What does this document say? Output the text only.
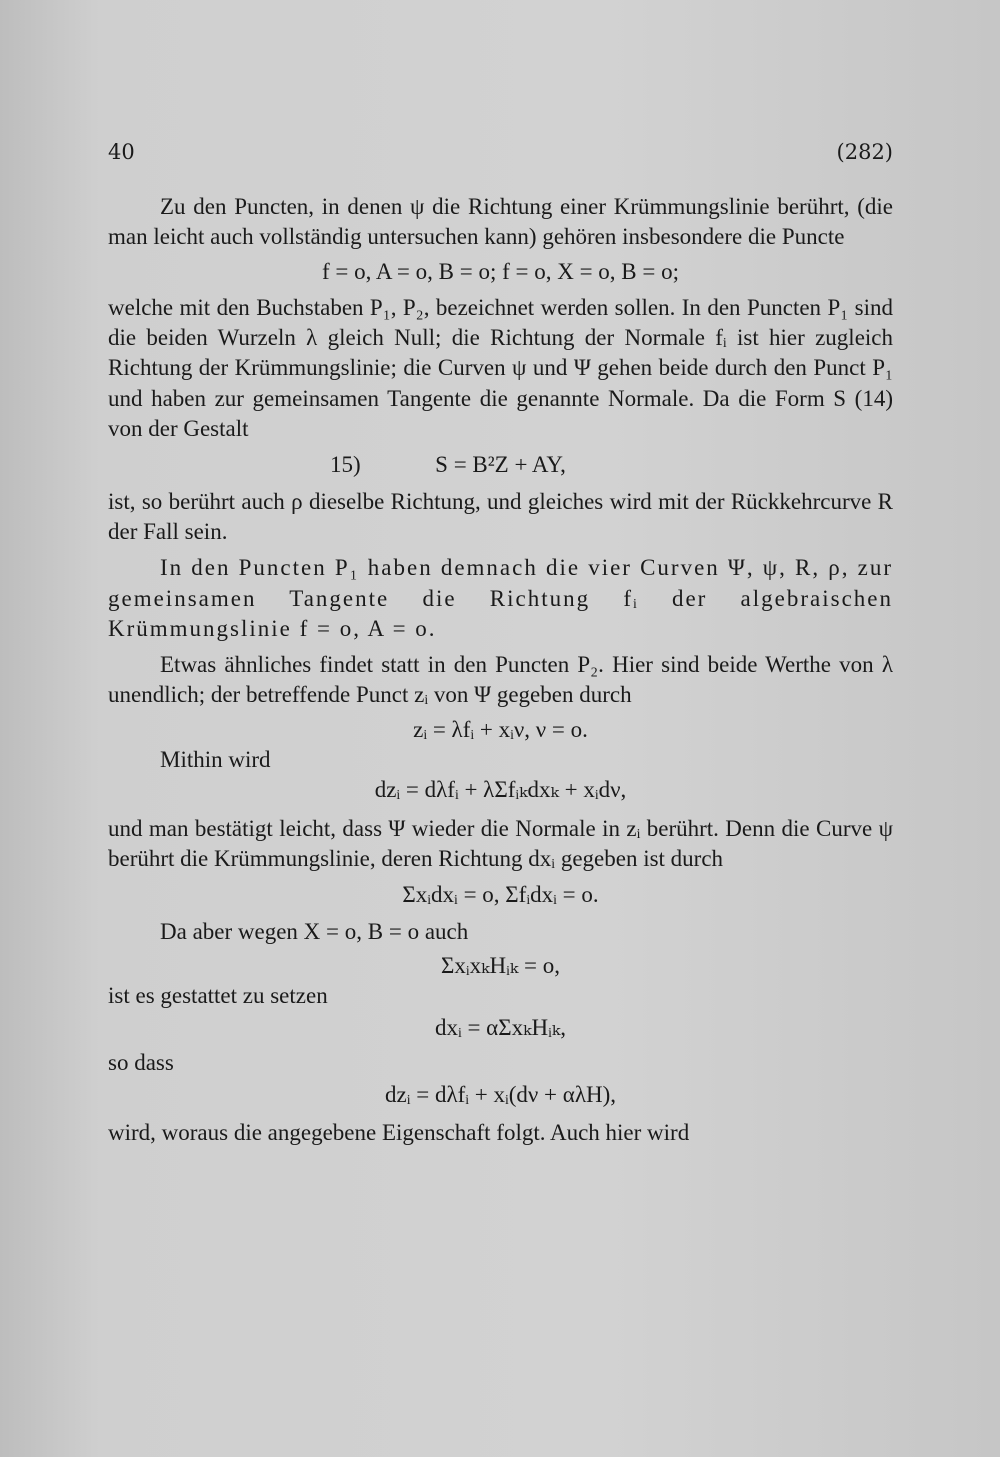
40	(282)

Zu den Puncten, in denen ψ die Richtung einer Krümmungslinie berührt, (die man leicht auch vollständig untersuchen kann) gehören insbesondere die Puncte

f = o, A = o, B = o; f = o, X = o, B = o;

welche mit den Buchstaben P₁, P₂, bezeichnet werden sollen. In den Puncten P₁ sind die beiden Wurzeln λ gleich Null; die Richtung der Normale fᵢ ist hier zugleich Richtung der Krümmungslinie; die Curven ψ und Ψ gehen beide durch den Punct P₁ und haben zur gemeinsamen Tangente die genannte Normale. Da die Form S (14) von der Gestalt

15)	S = B²Z + AY,

ist, so berührt auch ρ dieselbe Richtung, und gleiches wird mit der Rückkehrcurve R der Fall sein.

In den Puncten P₁ haben demnach die vier Curven Ψ, ψ, R, ρ, zur gemeinsamen Tangente die Richtung fᵢ der algebraischen Krümmungslinie f = o, A = o.

Etwas ähnliches findet statt in den Puncten P₂. Hier sind beide Werthe von λ unendlich; der betreffende Punct zᵢ von Ψ gegeben durch

zᵢ = λfᵢ + xᵢν, ν = o.

Mithin wird

dzᵢ = dλfᵢ + λΣfᵢₖdxₖ + xᵢdν,

und man bestätigt leicht, dass Ψ wieder die Normale in zᵢ berührt. Denn die Curve ψ berührt die Krümmungslinie, deren Richtung dxᵢ gegeben ist durch

Σxᵢdxᵢ = o, Σfᵢdxᵢ = o.

Da aber wegen X = o, B = o auch

ΣxᵢxₖHᵢₖ = o,

ist es gestattet zu setzen

dxᵢ = αΣxₖHᵢₖ,

so dass

dzᵢ = dλfᵢ + xᵢ(dν + αλH),

wird, woraus die angegebene Eigenschaft folgt. Auch hier wird
